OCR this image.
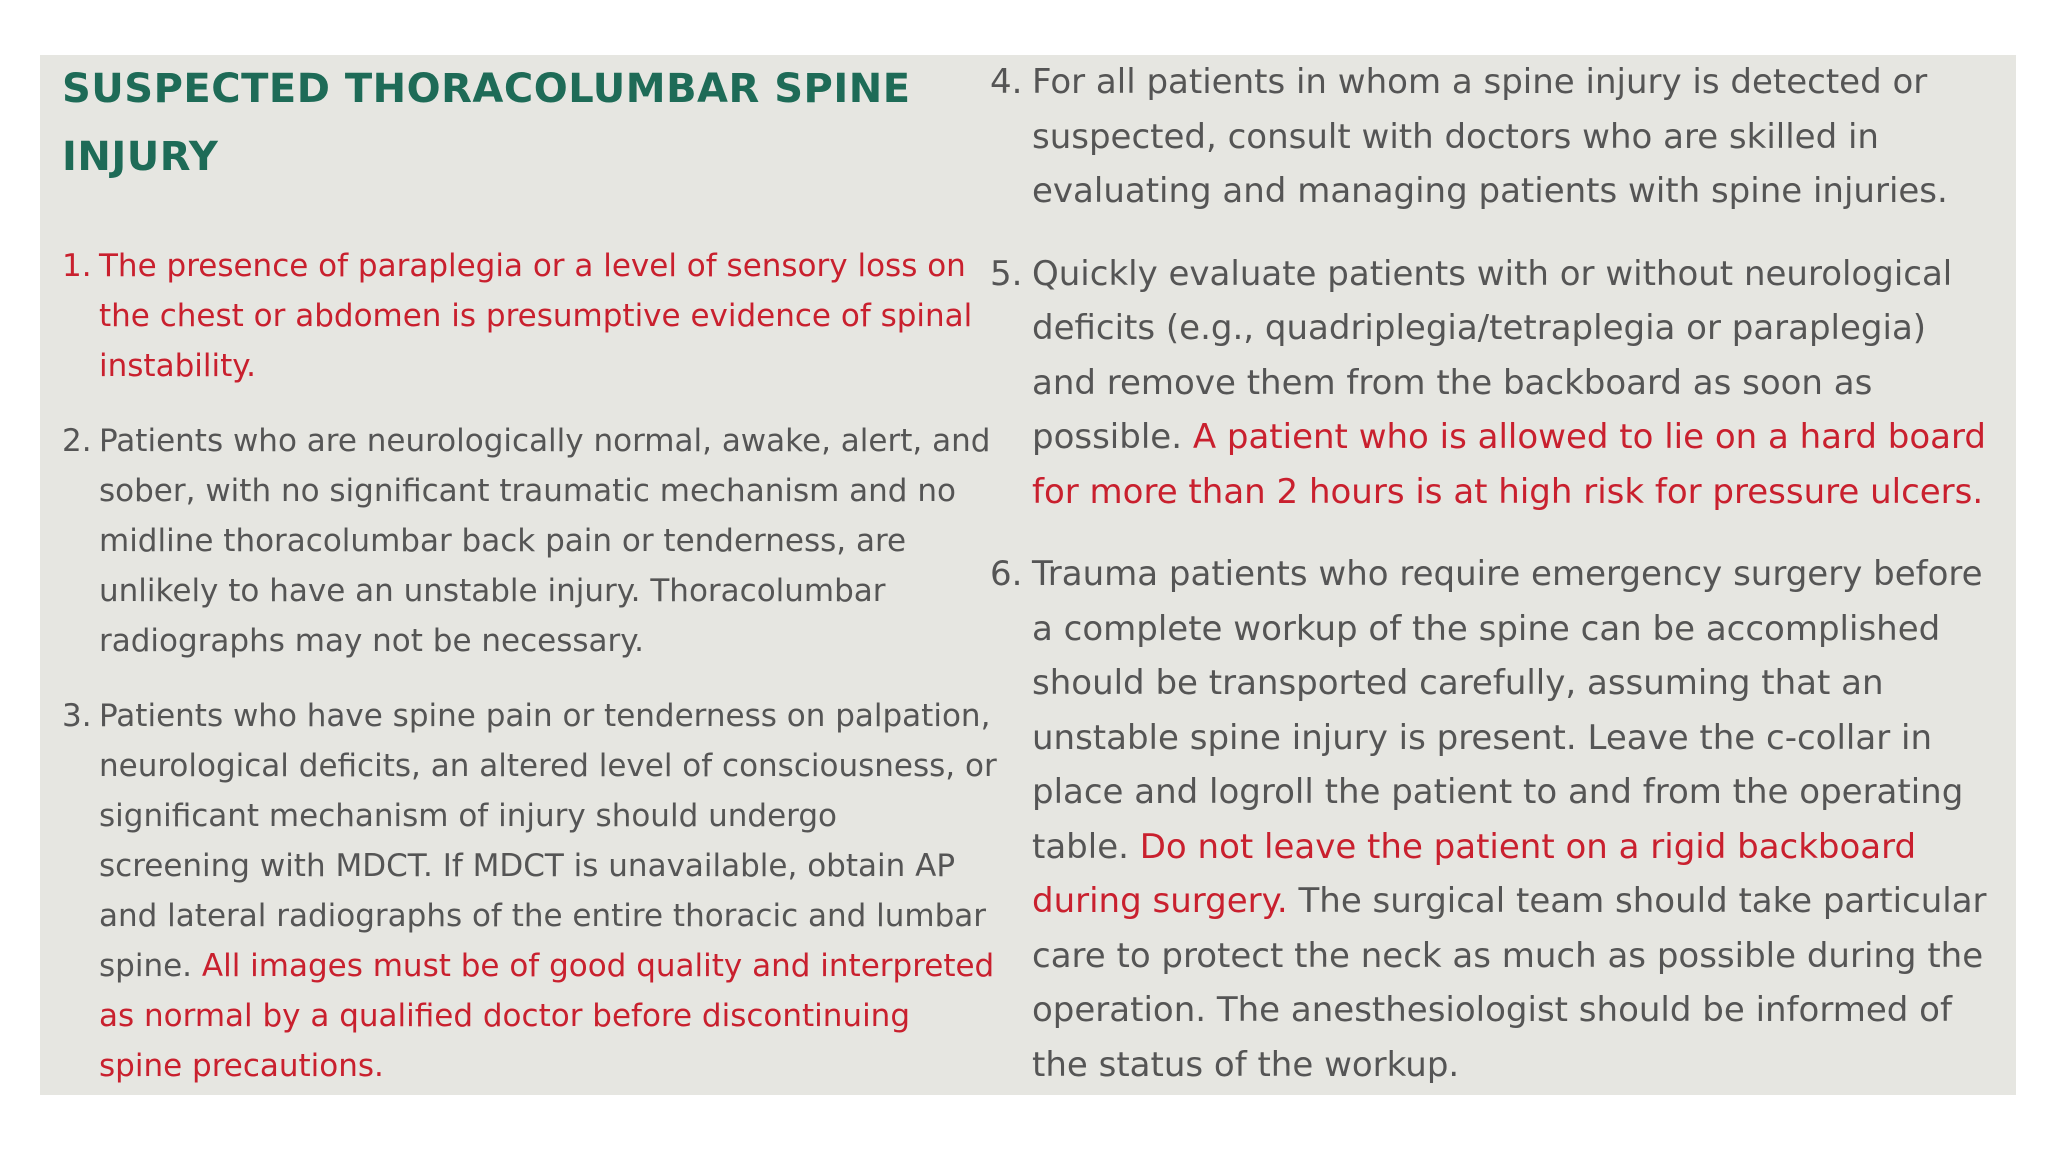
SUSPECTED THORACOLUMBAR SPINE INJURY
1. The presence of paraplegia or a level of sensory loss on the chest or abdomen is presumptive evidence of spinal instability.
2. Patients who are neurologically normal, awake, alert, and sober, with no significant traumatic mechanism and no midline thoracolumbar back pain or tenderness, are unlikely to have an unstable injury. Thoracolumbar radiographs may not be necessary.
3. Patients who have spine pain or tenderness on palpation, neurological deficits, an altered level of consciousness, or significant mechanism of injury should undergo screening with MDCT. If MDCT is unavailable, obtain AP and lateral radiographs of the entire thoracic and lumbar spine. All images must be of good quality and interpreted as normal by a qualified doctor before discontinuing spine precautions.
4. For all patients in whom a spine injury is detected or suspected, consult with doctors who are skilled in evaluating and managing patients with spine injuries.
5. Quickly evaluate patients with or without neurological deficits (e.g., quadriplegia/tetraplegia or paraplegia) and remove them from the backboard as soon as possible. A patient who is allowed to lie on a hard board for more than 2 hours is at high risk for pressure ulcers.
6. Trauma patients who require emergency surgery before a complete workup of the spine can be accomplished should be transported carefully, assuming that an unstable spine injury is present. Leave the c-collar in place and logroll the patient to and from the operating table. Do not leave the patient on a rigid backboard during surgery. The surgical team should take particular care to protect the neck as much as possible during the operation. The anesthesiologist should be informed of the status of the workup.
